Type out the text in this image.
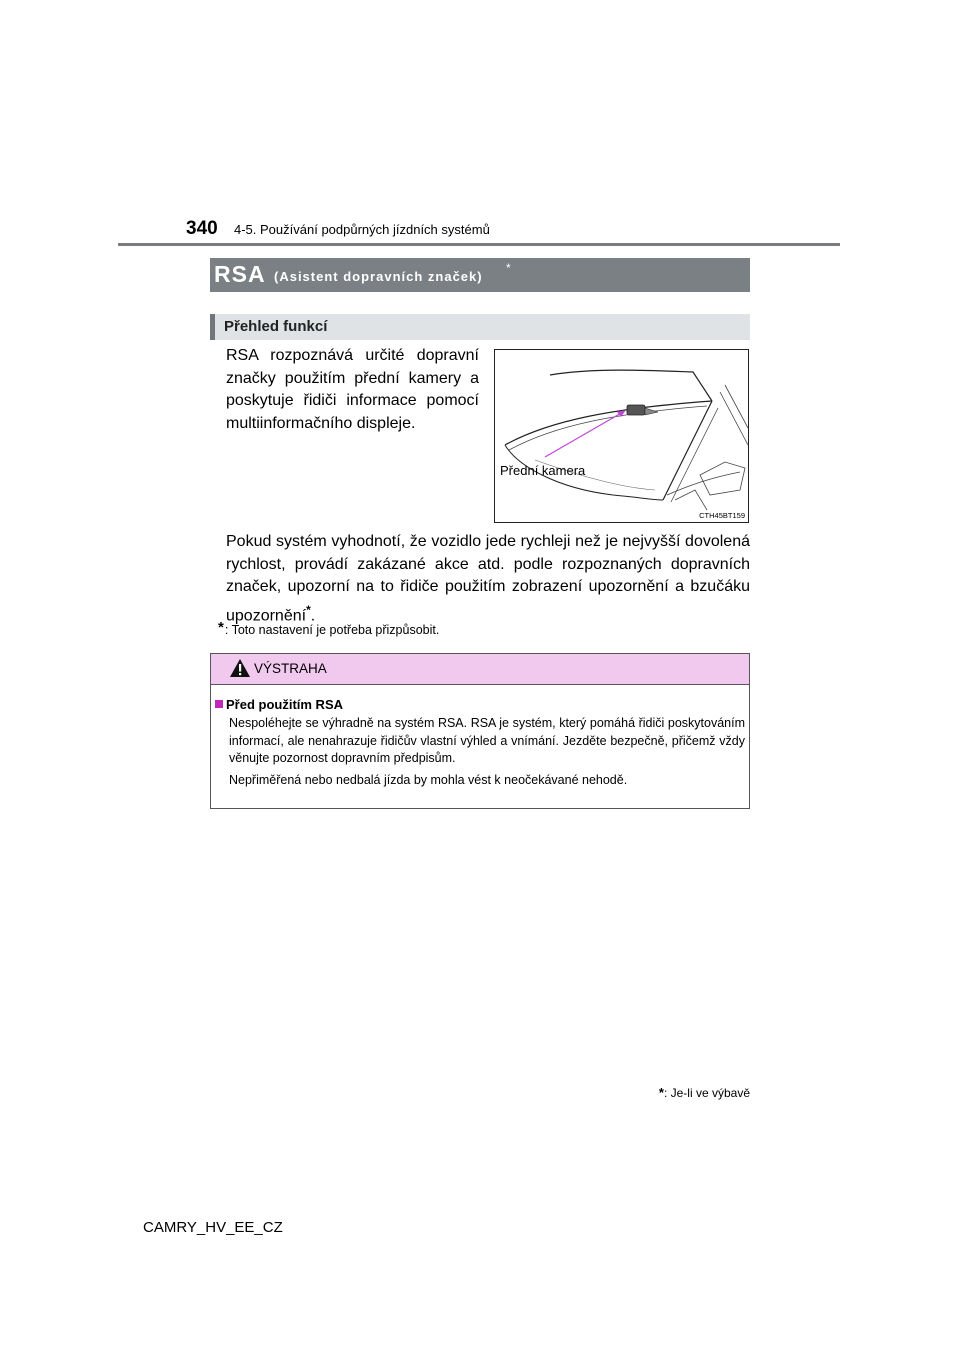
340 4-5. Používání podpůrných jízdních systémů
RSA (Asistent dopravních značek)
*
Přehled funkcí
RSA rozpoznává určité dopravní značky použitím přední kamery a poskytuje řidiči informace pomocí multiinformačního displeje.
Přední kamera
CTH45BT159
Pokud systém vyhodnotí, že vozidlo jede rychleji než je nejvyšší dovolená rychlost, provádí zakázané akce atd. podle rozpoznaných dopravních značek, upozorní na to řidiče použitím zobrazení upozornění a bzučáku upozornění*.
*: Toto nastavení je potřeba přizpůsobit.
VÝSTRAHA
Před použitím RSA
Nespoléhejte se výhradně na systém RSA. RSA je systém, který pomáhá řidiči poskytováním informací, ale nenahrazuje řidičův vlastní výhled a vnímání. Jezděte bezpečně, přičemž vždy věnujte pozornost dopravním předpisům.
Nepřiměřená nebo nedbalá jízda by mohla vést k neočekávané nehodě.
*: Je-li ve výbavě
CAMRY_HV_EE_CZ
